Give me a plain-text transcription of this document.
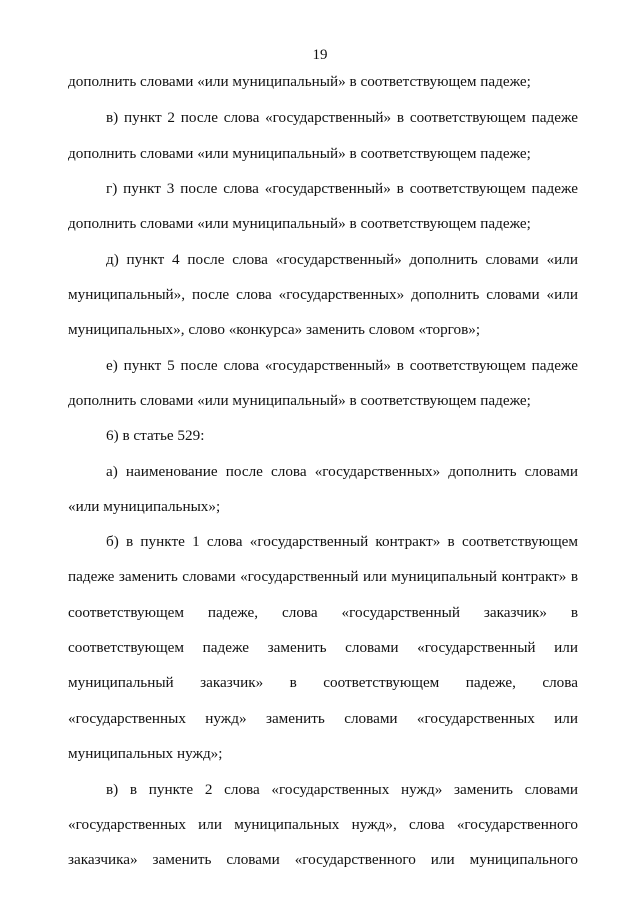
19
дополнить словами «или муниципальный» в соответствующем падеже;
в) пункт 2 после слова «государственный» в соответствующем падеже
дополнить словами «или муниципальный» в соответствующем падеже;
г) пункт 3 после слова «государственный» в соответствующем падеже
дополнить словами «или муниципальный» в соответствующем падеже;
д) пункт 4 после слова «государственный» дополнить словами «или
муниципальный», после слова «государственных» дополнить словами «или
муниципальных», слово «конкурса» заменить словом «торгов»;
е) пункт 5 после слова «государственный» в соответствующем падеже
дополнить словами «или муниципальный» в соответствующем падеже;
6) в статье 529:
а) наименование после слова «государственных» дополнить словами
«или муниципальных»;
б) в пункте 1 слова «государственный контракт» в соответствующем
падеже заменить словами «государственный или муниципальный контракт» в
соответствующем падеже, слова «государственный заказчик» в
соответствующем падеже заменить словами «государственный или
муниципальный заказчик» в соответствующем падеже, слова
«государственных нужд» заменить словами «государственных или
муниципальных нужд»;
в) в пункте 2 слова «государственных нужд» заменить словами
«государственных или муниципальных нужд», слова «государственного
заказчика» заменить словами «государственного или муниципального
